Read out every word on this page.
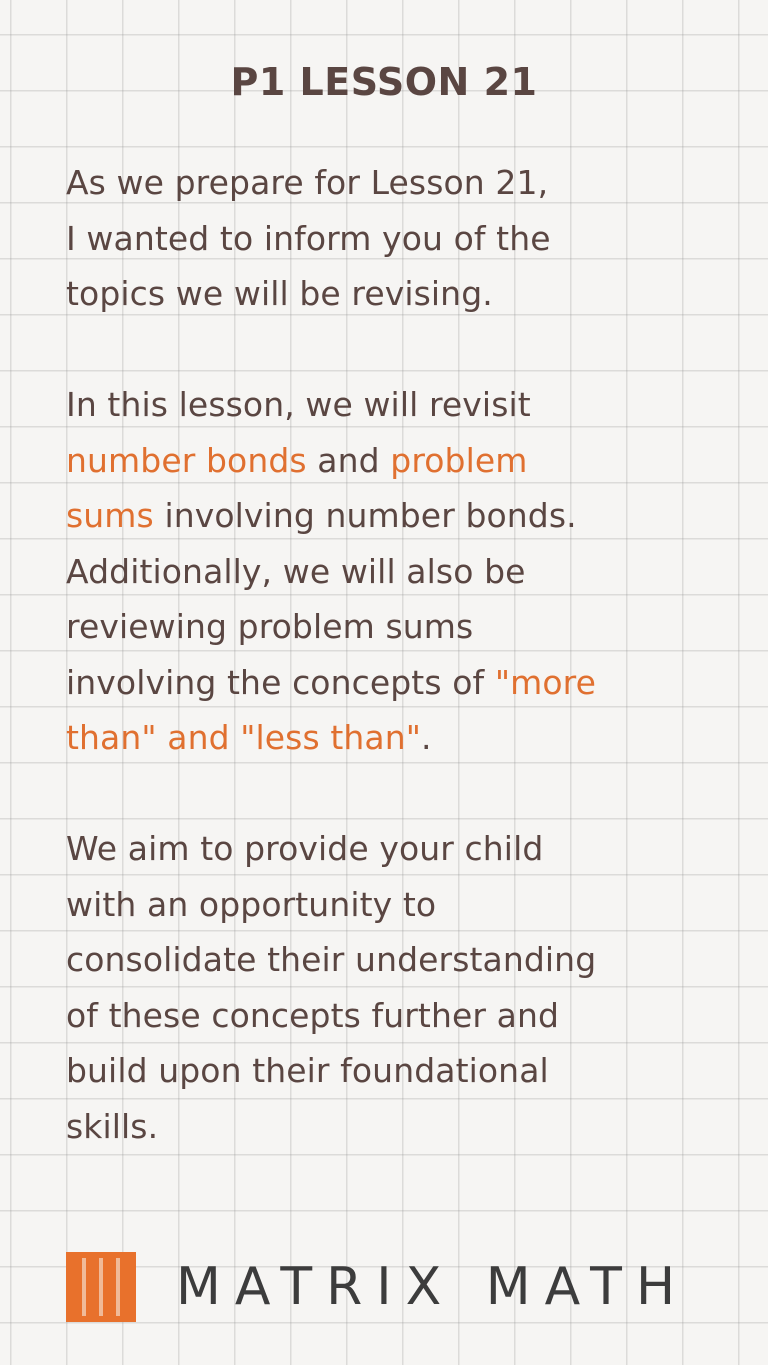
P1 LESSON 21

As we prepare for Lesson 21,
I wanted to inform you of the
topics we will be revising.

In this lesson, we will revisit
number bonds and problem
sums involving number bonds.
Additionally, we will also be
reviewing problem sums
involving the concepts of "more
than" and "less than".

We aim to provide your child
with an opportunity to
consolidate their understanding
of these concepts further and
build upon their foundational
skills.

MATRIX MATH
